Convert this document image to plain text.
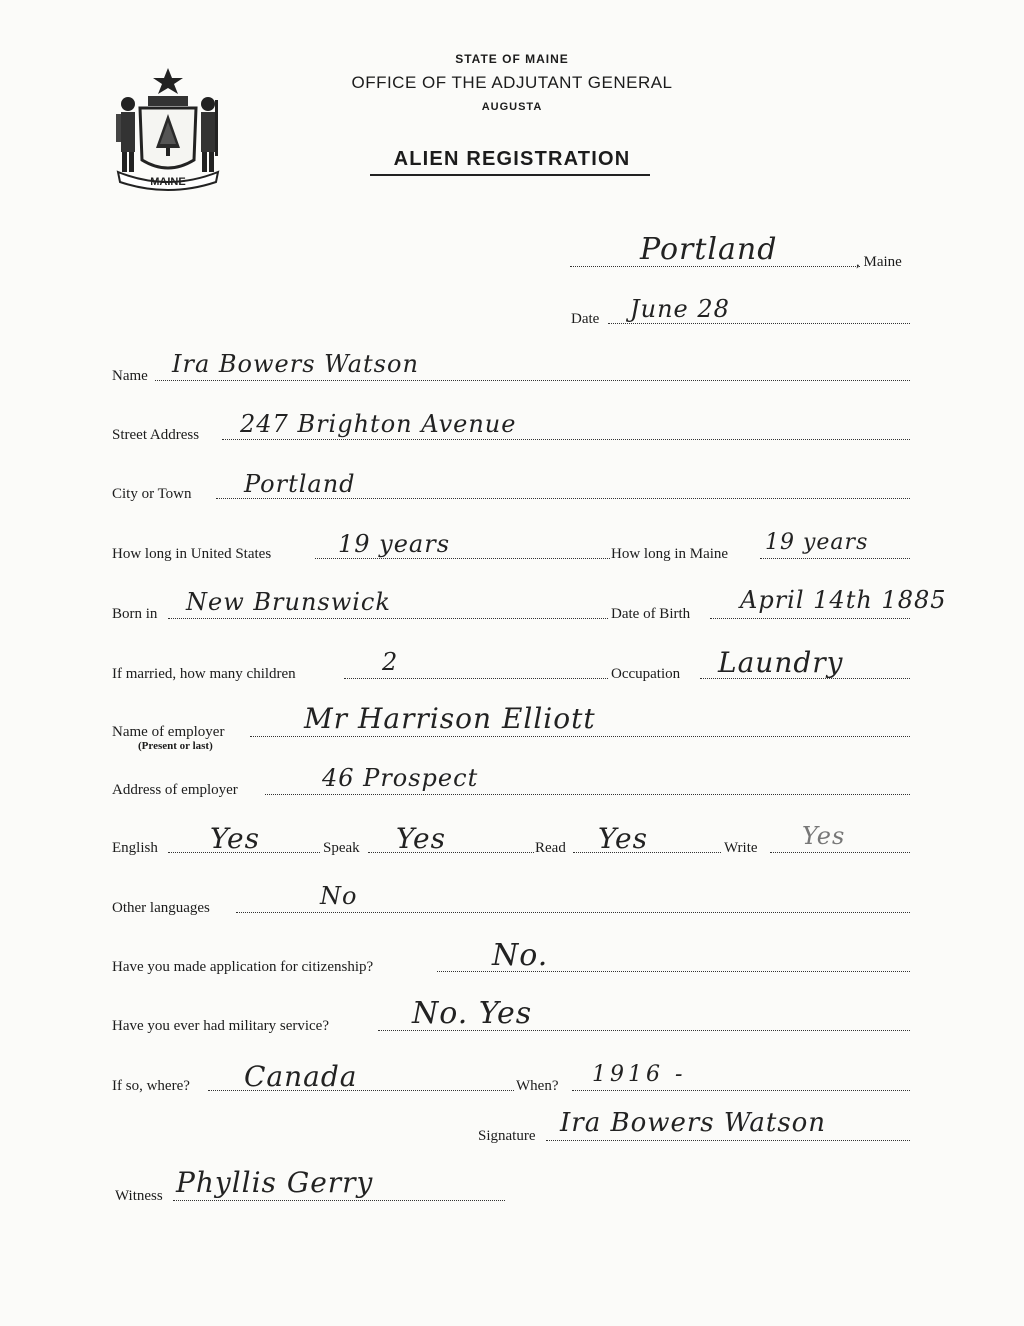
MAINE
STATE OF MAINE
OFFICE OF THE ADJUTANT GENERAL
AUGUSTA
ALIEN REGISTRATION
Portland	, Maine
Date June 28
Name Ira Bowers Watson
Street Address 247 Brighton Avenue
City or Town Portland
How long in United States	19 years	How long in Maine 19 years
Born in New Brunswick	Date of Birth April 14th 1885
If married, how many children	2	Occupation Laundry
Name of employer
(Present or last)
Mr Harrison Elliott
Address of employer	46 Prospect
English Yes	Speak Yes	Read Yes	Write Yes
Other languages	No
Have you made application for citizenship?	No.
Have you ever had military service?	No. Yes
If so, where? Canada	When? 1916 -
Signature Ira Bowers Watson
Witness Phyllis Gerry
